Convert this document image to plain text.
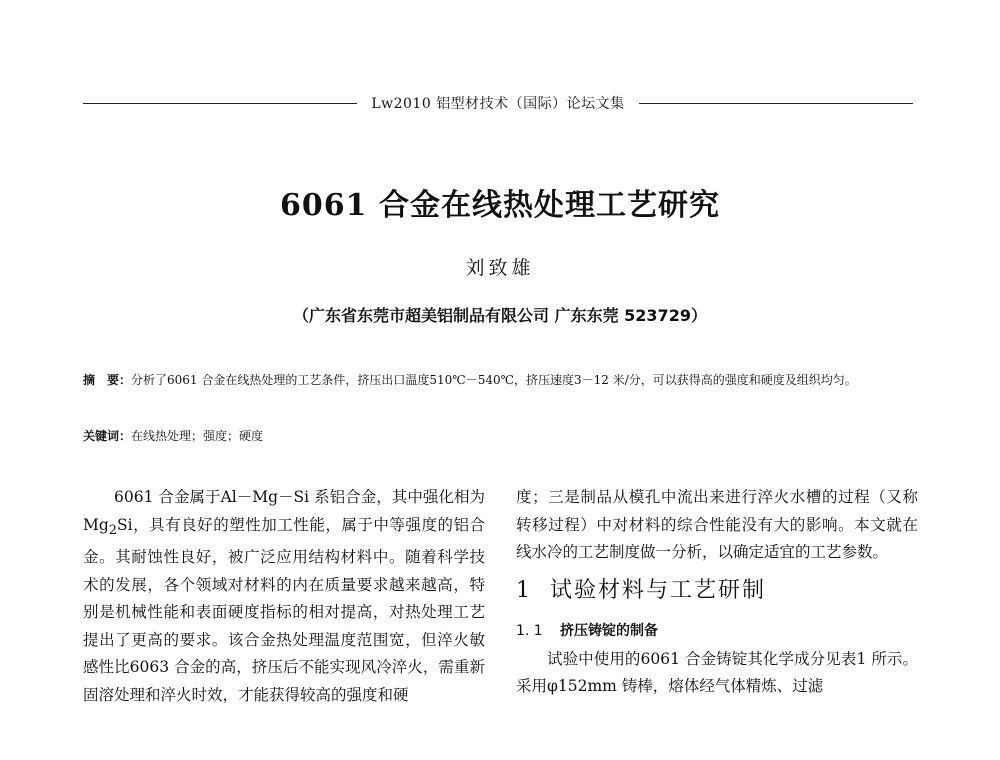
Lw2010 铝型材技术（国际）论坛文集
6061 合金在线热处理工艺研究
刘致雄
（广东省东莞市超美铝制品有限公司 广东东莞 523729）
摘　要：分析了6061 合金在线热处理的工艺条件，挤压出口温度510℃－540℃，挤压速度3－12 米/分，可以获得高的强度和硬度及组织均匀。
关键词：在线热处理；强度；硬度

6061 合金属于Al－Mg－Si 系铝合金，其中强化相为$Mg_2Si$，具有良好的塑性加工性能，属于中等强度的铝合金。其耐蚀性良好，被广泛应用结构材料中。随着科学技术的发展，各个领域对材料的内在质量要求越来越高，特别是机械性能和表面硬度指标的相对提高，对热处理工艺提出了更高的要求。该合金热处理温度范围宽，但淬火敏感性比6063 合金的高，挤压后不能实现风冷淬火，需重新固溶处理和淬火时效，才能获得较高的强度和硬

度；三是制品从模孔中流出来进行淬火水槽的过程（又称转移过程）中对材料的综合性能没有大的影响。本文就在线水冷的工艺制度做一分析，以确定适宜的工艺参数。

1 试验材料与工艺研制
1. 1 挤压铸锭的制备

试验中使用的6061 合金铸锭其化学成分见表1 所示。采用φ152mm 铸棒，熔体经气体精炼、过滤
